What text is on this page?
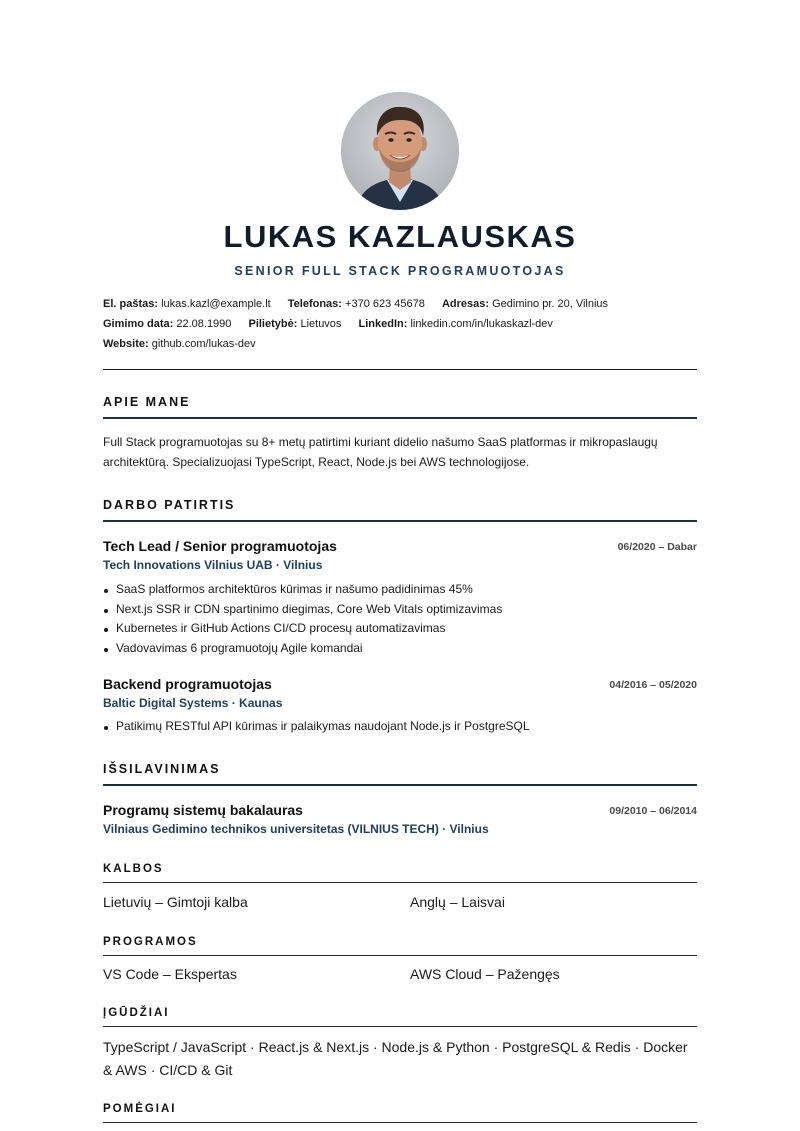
LUKAS KAZLAUSKAS
SENIOR FULL STACK PROGRAMUOTOJAS
El. paštas: lukas.kazl@example.lt Telefonas: +370 623 45678 Adresas: Gedimino pr. 20, Vilnius
Gimimo data: 22.08.1990 Pilietybė: Lietuvos LinkedIn: linkedin.com/in/lukaskazl-dev
Website: github.com/lukas-dev
APIE MANE
Full Stack programuotojas su 8+ metų patirtimi kuriant didelio našumo SaaS platformas ir mikropaslaugų architektūrą. Specializuojasi TypeScript, React, Node.js bei AWS technologijose.
DARBO PATIRTIS
Tech Lead / Senior programuotojas	06/2020 – Dabar
Tech Innovations Vilnius UAB · Vilnius
SaaS platformos architektūros kūrimas ir našumo padidinimas 45%
Next.js SSR ir CDN spartinimo diegimas, Core Web Vitals optimizavimas
Kubernetes ir GitHub Actions CI/CD procesų automatizavimas
Vadovavimas 6 programuotojų Agile komandai
Backend programuotojas	04/2016 – 05/2020
Baltic Digital Systems · Kaunas
Patikimų RESTful API kūrimas ir palaikymas naudojant Node.js ir PostgreSQL
IŠSILAVINIMAS
Programų sistemų bakalauras	09/2010 – 06/2014
Vilniaus Gedimino technikos universitetas (VILNIUS TECH) · Vilnius
KALBOS
Lietuvių – Gimtoji kalba	Anglų – Laisvai
PROGRAMOS
VS Code – Ekspertas	AWS Cloud – Pažengęs
ĮGŪDŽIAI
TypeScript / JavaScript · React.js & Next.js · Node.js & Python · PostgreSQL & Redis · Docker & AWS · CI/CD & Git
POMĖGIAI
